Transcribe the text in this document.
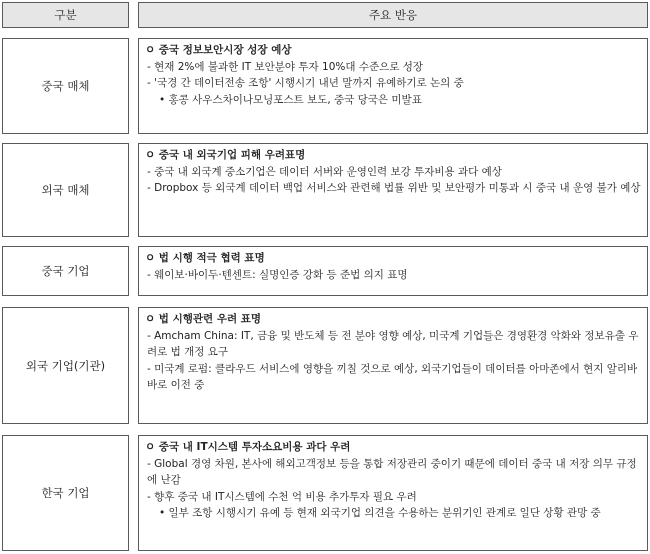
구분	주요 반응
중국 매체
ㅇ 중국 정보보안시장 성장 예상
- 현재 2%에 불과한 IT 보안분야 투자 10%대 수준으로 성장
- '국경 간 데이터전송 조항' 시행시기 내년 말까지 유예하기로 논의 중
• 홍콩 사우스차이나모닝포스트 보도, 중국 당국은 미발표
외국 매체
ㅇ 중국 내 외국기업 피해 우려표명
- 중국 내 외국계 중소기업은 데이터 서버와 운영인력 보강 투자비용 과다 예상
- Dropbox 등 외국계 데이터 백업 서비스와 관련해 법률 위반 및 보안평가 미통과 시 중국 내 운영 불가 예상
중국 기업
ㅇ 법 시행 적극 협력 표명
- 웨이보·바이두·텐센트: 실명인증 강화 등 준법 의지 표명
외국 기업(기관)
ㅇ 법 시행관련 우려 표명
- Amcham China: IT, 금융 및 반도체 등 전 분야 영향 예상, 미국계 기업들은 경영환경 악화와 정보유출 우려로 법 개정 요구
- 미국계 로펌: 클라우드 서비스에 영향을 끼칠 것으로 예상, 외국기업들이 데이터를 아마존에서 현지 알리바바로 이전 중
한국 기업
ㅇ 중국 내 IT시스템 투자소요비용 과다 우려
- Global 경영 차원, 본사에 해외고객정보 등을 통합 저장관리 중이기 때문에 데이터 중국 내 저장 의무 규정에 난감
- 향후 중국 내 IT시스템에 수천 억 비용 추가투자 필요 우려
• 일부 조항 시행시기 유예 등 현재 외국기업 의견을 수용하는 분위기인 관계로 일단 상황 관망 중
